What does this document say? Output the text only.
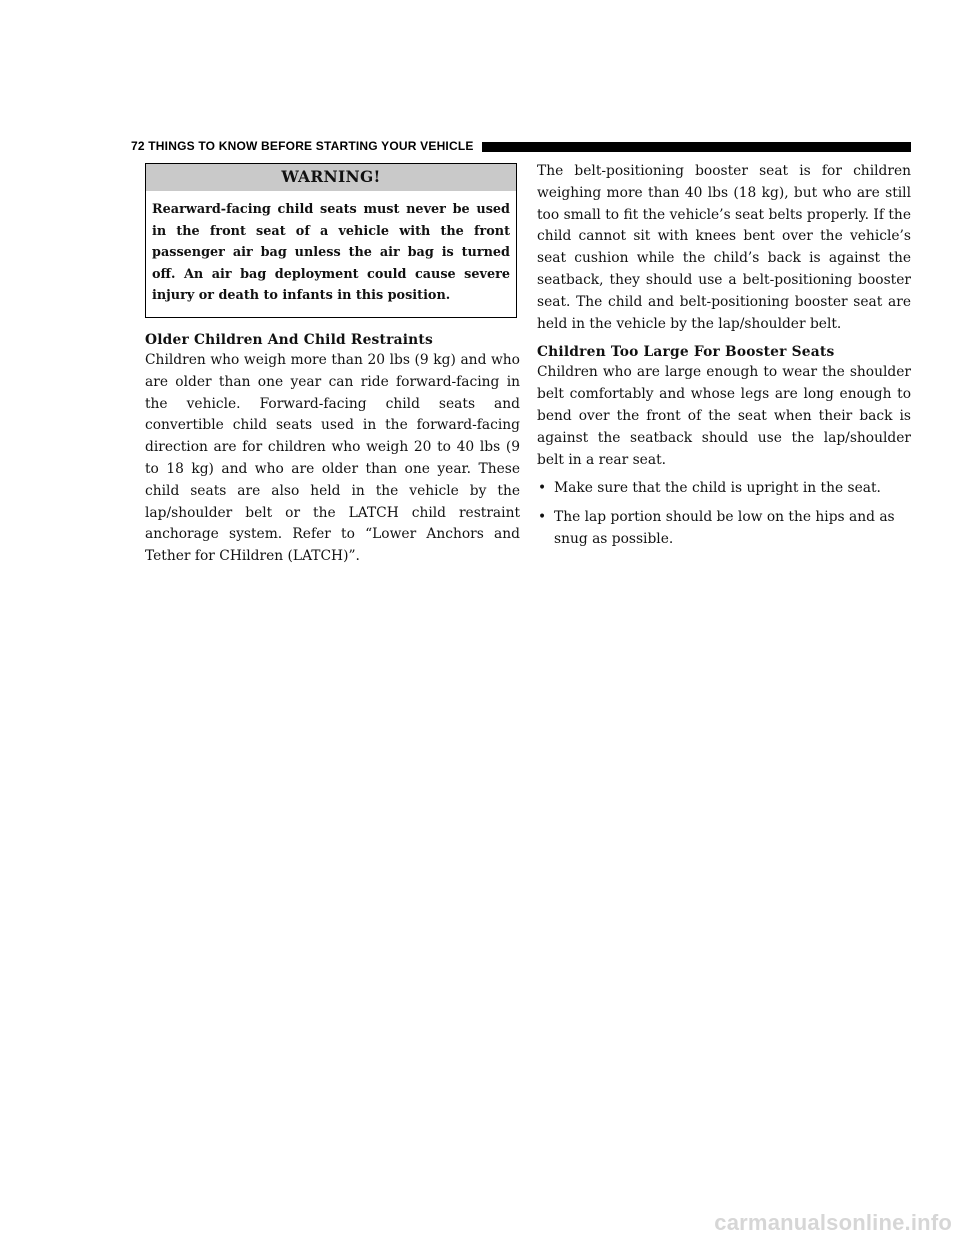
72 THINGS TO KNOW BEFORE STARTING YOUR VEHICLE
WARNING!
Rearward-facing child seats must never be used in the front seat of a vehicle with the front passenger air bag unless the air bag is turned off. An air bag deployment could cause severe injury or death to infants in this position.
Older Children And Child Restraints

Children who weigh more than 20 lbs (9 kg) and who are older than one year can ride forward-facing in the vehicle. Forward-facing child seats and convertible child seats used in the forward-facing direction are for children who weigh 20 to 40 lbs (9 to 18 kg) and who are older than one year. These child seats are also held in the vehicle by the lap/shoulder belt or the LATCH child restraint anchorage system. Refer to “Lower Anchors and Tether for CHildren (LATCH)”.

The belt-positioning booster seat is for children weighing more than 40 lbs (18 kg), but who are still too small to fit the vehicle’s seat belts properly. If the child cannot sit with knees bent over the vehicle’s seat cushion while the child’s back is against the seatback, they should use a belt-positioning booster seat. The child and belt-positioning booster seat are held in the vehicle by the lap/shoulder belt.

Children Too Large For Booster Seats

Children who are large enough to wear the shoulder belt comfortably and whose legs are long enough to bend over the front of the seat when their back is against the seatback should use the lap/shoulder belt in a rear seat.

• Make sure that the child is upright in the seat.
• The lap portion should be low on the hips and as snug as possible.
carmanualsonline.info
